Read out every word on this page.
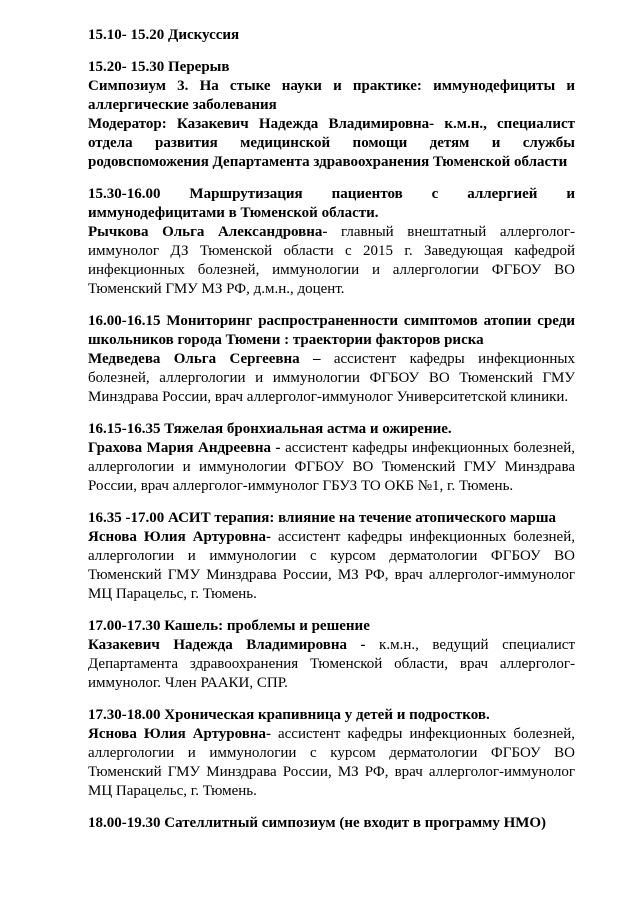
15.10- 15.20 Дискуссия

15.20- 15.30 Перерыв

Симпозиум 3. На стыке науки и практике: иммунодефициты и аллергические заболевания

Модератор: Казакевич Надежда Владимировна- к.м.н., специалист отдела развития медицинской помощи детям и службы родовспоможения Департамента здравоохранения Тюменской области

15.30-16.00 Маршрутизация пациентов с аллергией и иммунодефицитами в Тюменской области.

Рычкова Ольга Александровна- главный внештатный аллерголог-иммунолог ДЗ Тюменской области с 2015 г. Заведующая кафедрой инфекционных болезней, иммунологии и аллергологии ФГБОУ ВО Тюменский ГМУ МЗ РФ, д.м.н., доцент.

16.00-16.15 Мониторинг распространенности симптомов атопии среди школьников города Тюмени : траектории факторов риска

Медведева Ольга Сергеевна – ассистент кафедры инфекционных болезней, аллергологии и иммунологии ФГБОУ ВО Тюменский ГМУ Минздрава России, врач аллерголог-иммунолог Университетской клиники.

16.15-16.35 Тяжелая бронхиальная астма и ожирение.

Грахова Мария Андреевна - ассистент кафедры инфекционных болезней, аллергологии и иммунологии ФГБОУ ВО Тюменский ГМУ Минздрава России, врач аллерголог-иммунолог ГБУЗ ТО ОКБ №1, г. Тюмень.

16.35 -17.00 АСИТ терапия: влияние на течение атопического марша

Яснова Юлия Артуровна- ассистент кафедры инфекционных болезней, аллергологии и иммунологии с курсом дерматологии ФГБОУ ВО Тюменский ГМУ Минздрава России, МЗ РФ, врач аллерголог-иммунолог МЦ Парацельс, г. Тюмень.

17.00-17.30 Кашель: проблемы и решение

Казакевич Надежда Владимировна - к.м.н., ведущий специалист Департамента здравоохранения Тюменской области, врач аллерголог-иммунолог. Член РААКИ, СПР.

17.30-18.00 Хроническая крапивница у детей и подростков.

Яснова Юлия Артуровна- ассистент кафедры инфекционных болезней, аллергологии и иммунологии с курсом дерматологии ФГБОУ ВО Тюменский ГМУ Минздрава России, МЗ РФ, врач аллерголог-иммунолог МЦ Парацельс, г. Тюмень.

18.00-19.30 Сателлитный симпозиум (не входит в программу НМО)
